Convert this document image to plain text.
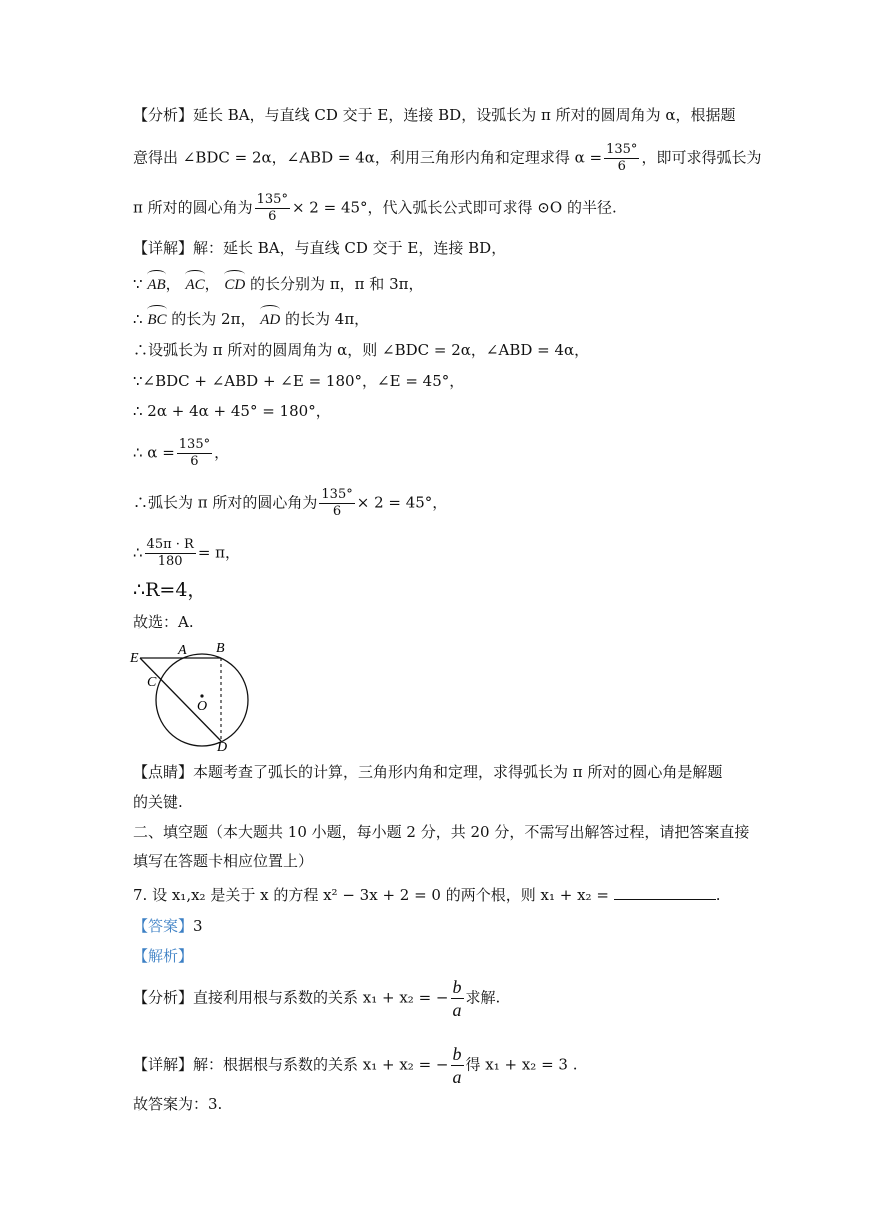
【分析】延长 BA，与直线 CD 交于 E，连接 BD，设弧长为 π 所对的圆周角为 α，根据题
意得出 ∠BDC = 2α，∠ABD = 4α，利用三角形内角和定理求得 $\alpha = \frac{135^\circ}{6}$ ，即可求得弧长为
π 所对的圆心角为 $\frac{135^\circ}{6} \times 2 = 45^\circ$，代入弧长公式即可求得 ⊙O 的半径.
【详解】解：延长 BA，与直线 CD 交于 E，连接 BD，
∵ AB， AC， CD 的长分别为 π，π 和 3π，
∴ BC 的长为 2π， AD 的长为 4π，
∴设弧长为 π 所对的圆周角为 α，则 ∠BDC = 2α，∠ABD = 4α，
∵∠BDC + ∠ABD + ∠E = 180°，∠E = 45°，
∴ 2α + 4α + 45° = 180°，
∴ $\alpha = \frac{135^\circ}{6}$ ，
∴弧长为 π 所对的圆心角为 $\frac{135^\circ}{6} \times 2 = 45^\circ$，
∴ $\frac{45\pi \cdot R}{180} = \pi$，
∴R=4，
故选：A.
E
A B
C
O
D
【点睛】本题考查了弧长的计算，三角形内角和定理，求得弧长为 π 所对的圆心角是解题
的关键.
二、填空题（本大题共 10 小题，每小题 2 分，共 20 分，不需写出解答过程，请把答案直接
填写在答题卡相应位置上）
7. 设 x₁,x₂ 是关于 x 的方程 x² − 3x + 2 = 0 的两个根，则 x₁ + x₂ =	.
【答案】3
【解析】
【分析】直接利用根与系数的关系 x₁ + x₂ = − $\frac{b}{a}$ 求解.
【详解】解：根据根与系数的关系 x₁ + x₂ = − $\frac{b}{a}$ 得 x₁ + x₂ = 3 .
故答案为：3.
